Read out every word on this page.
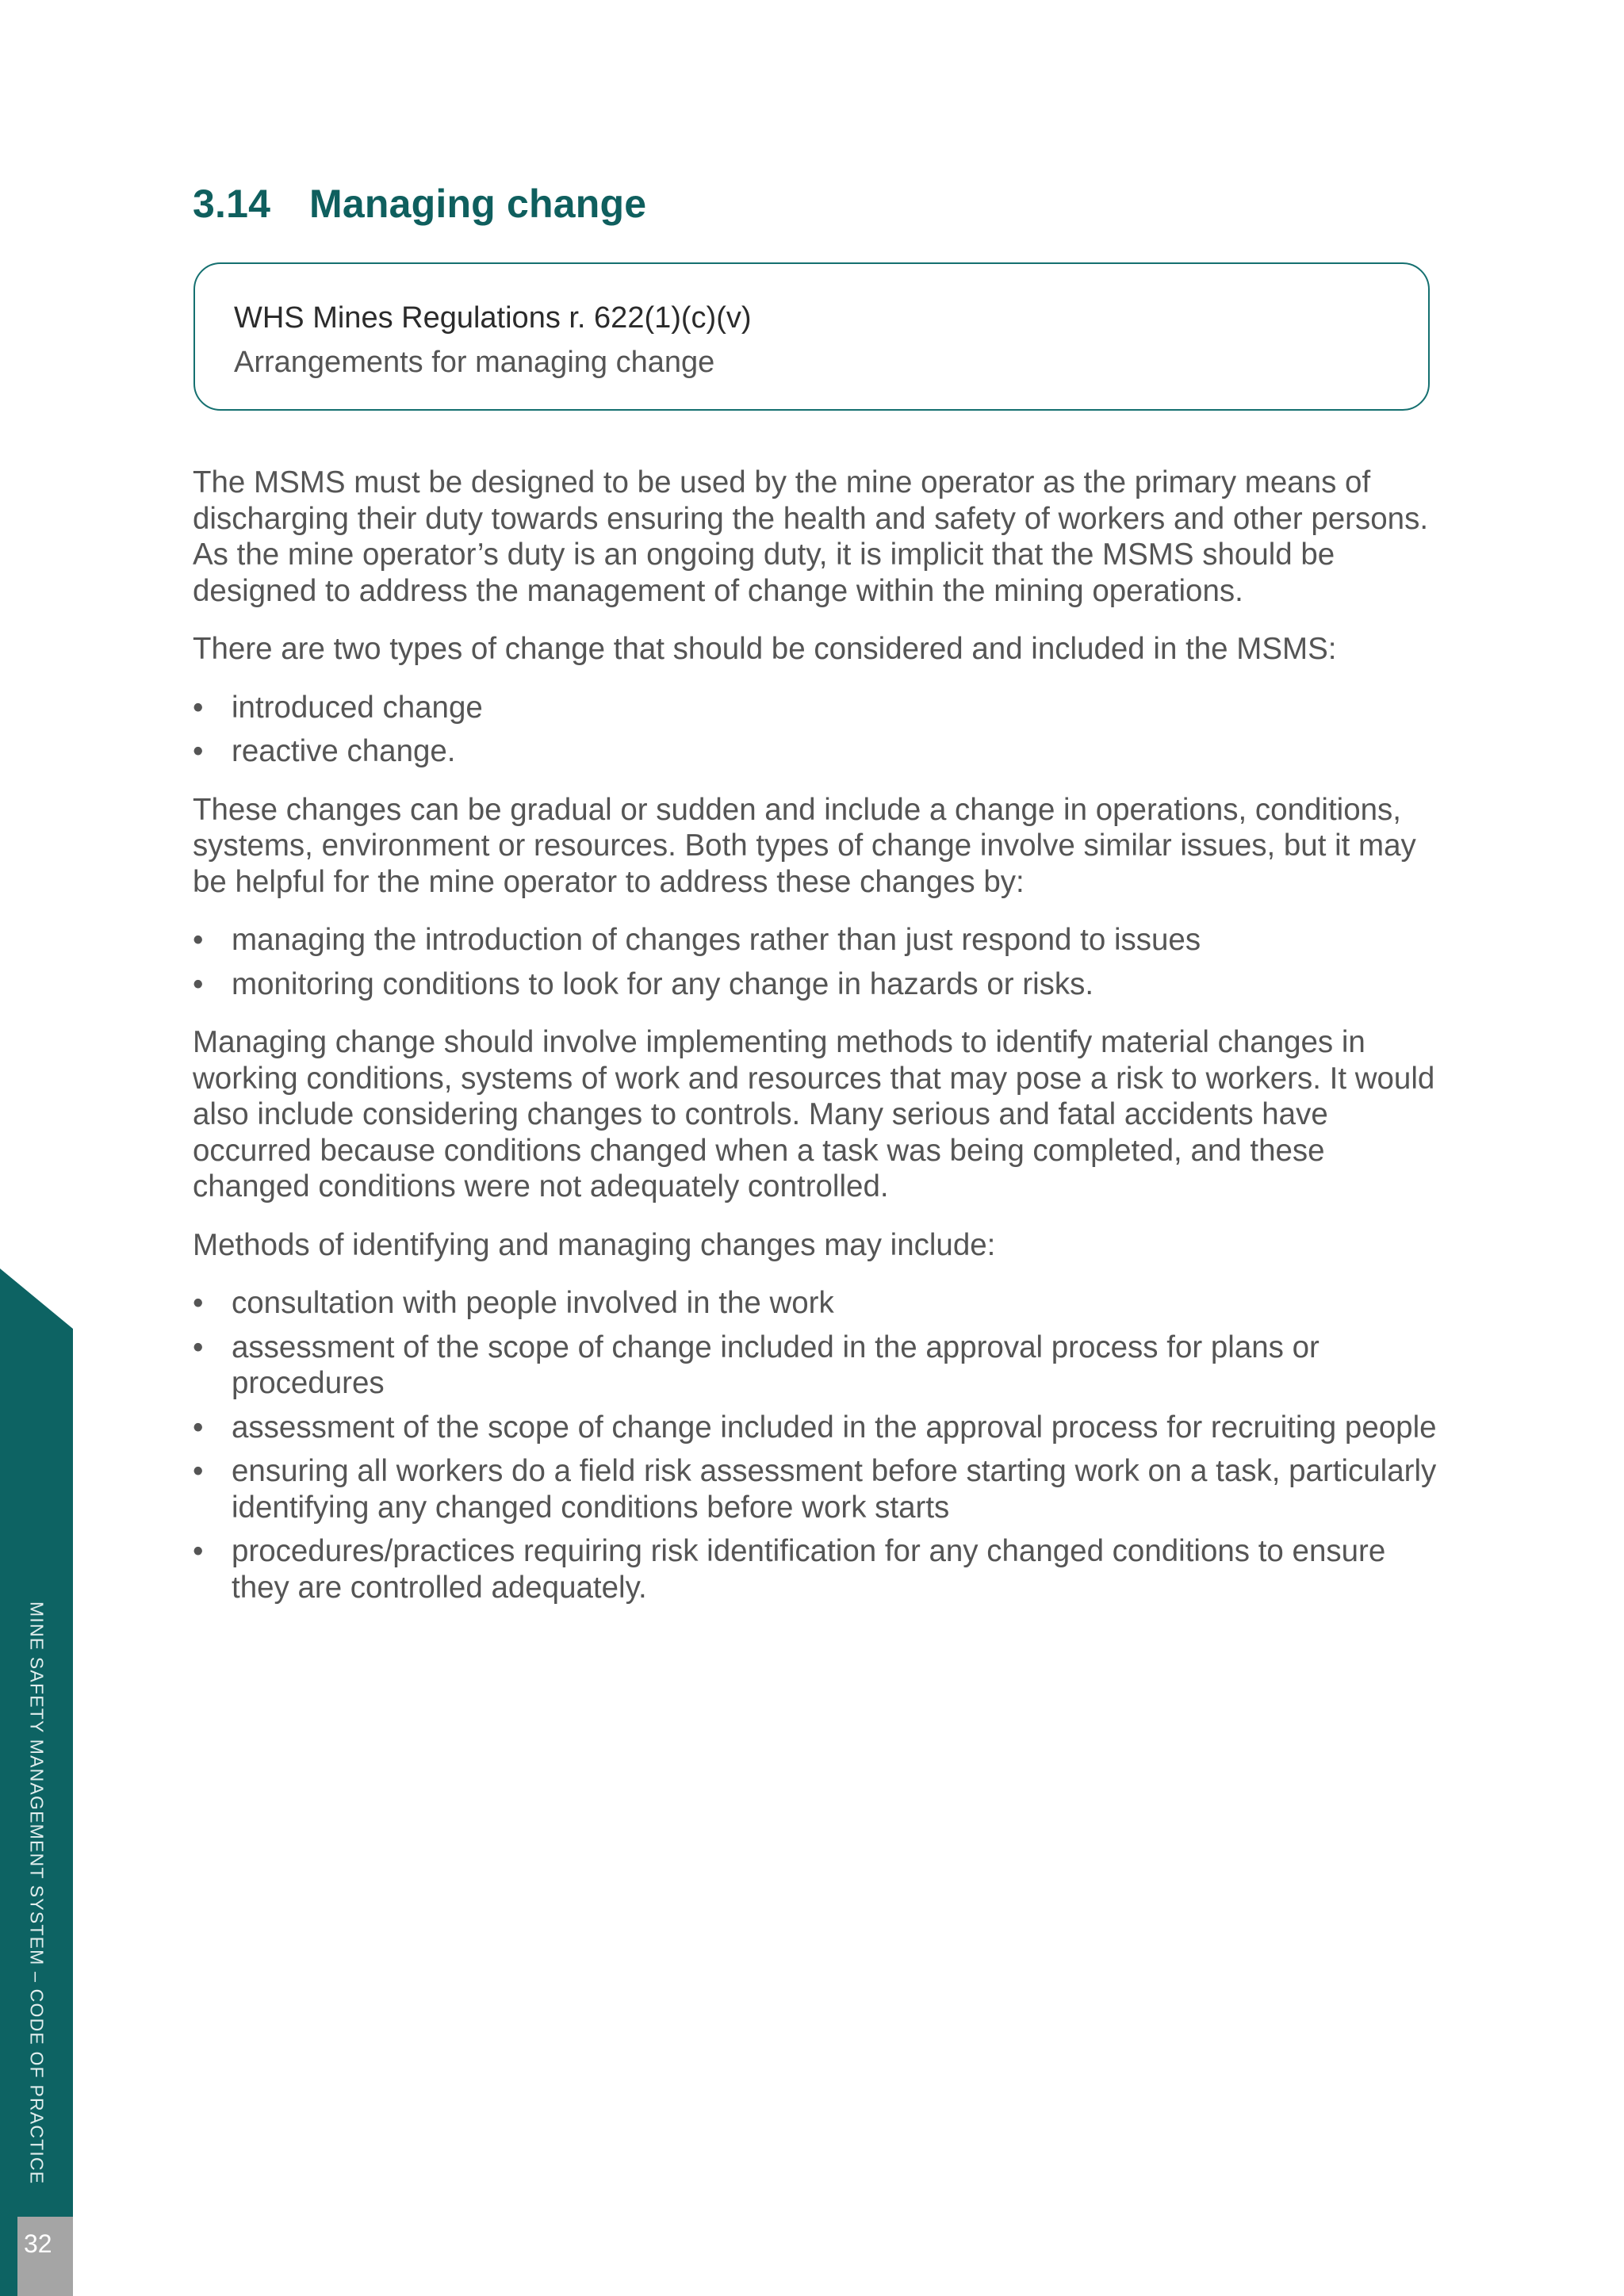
3.14 Managing change
WHS Mines Regulations r. 622(1)(c)(v)
Arrangements for managing change

The MSMS must be designed to be used by the mine operator as the primary means of discharging their duty towards ensuring the health and safety of workers and other persons. As the mine operator’s duty is an ongoing duty, it is implicit that the MSMS should be designed to address the management of change within the mining operations.

There are two types of change that should be considered and included in the MSMS:

• introduced change
• reactive change.

These changes can be gradual or sudden and include a change in operations, conditions, systems, environment or resources. Both types of change involve similar issues, but it may be helpful for the mine operator to address these changes by:

• managing the introduction of changes rather than just respond to issues
• monitoring conditions to look for any change in hazards or risks.

Managing change should involve implementing methods to identify material changes in working conditions, systems of work and resources that may pose a risk to workers. It would also include considering changes to controls. Many serious and fatal accidents have occurred because conditions changed when a task was being completed, and these changed conditions were not adequately controlled.

Methods of identifying and managing changes may include:

• consultation with people involved in the work
• assessment of the scope of change included in the approval process for plans or procedures
• assessment of the scope of change included in the approval process for recruiting people
• ensuring all workers do a field risk assessment before starting work on a task, particularly identifying any changed conditions before work starts
• procedures/practices requiring risk identification for any changed conditions to ensure they are controlled adequately.
MINE SAFETY MANAGEMENT SYSTEM – CODE OF PRACTICE
32
